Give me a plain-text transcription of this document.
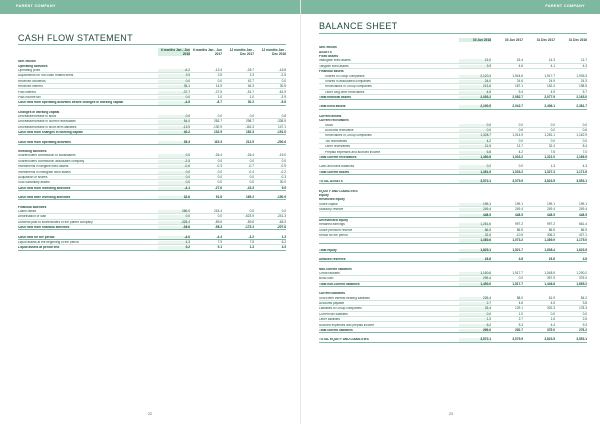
PARENT COMPANY
CASH FLOW STATEMENT
6 months Jan - Jun 2018
6 months Jan - Jun 2017
12 months Jan - Dec 2017
12 months Jan - Dec 2016
SEK million
Operating activities
Operating profit	-6.2	-13.4	-26.7	-16.8
Adjustments for non-cash related items	3.9	2.5	2.3	-2.5
Received dividends	0.0	0.0	42.7	0.0
Received interest	35.1	14.5	46.3	30.6
Paid interest	-37.7	-27.5	-51.7	-61.9
Paid income tax	0.0	1.0	1.0	-3.9
Cash flow from operating activities before changes in working capital	-4.9	-8.7	30.2	-9.6
Changes in working capital
Decrease/increase in stock	0.0	0.0	0.0	0.8
Decrease/increase in current receivables	54.0	263.7	298.7	-338.9
Decrease/increase in short-term liabilities	-13.9	-130.9	-116.3	147.1
Cash flow from changes in working capital	40.2	132.9	182.3	-191.0
Cash flow from operating activities	35.3	119.3	212.5	-200.6
Investing activities
Shareholders contribution to subsidiaries	0.0	-26.4	-26.4	-19.0
Shareholders contribution associated company	-2.5	0.0	0.0	0.0
Investments in tangible fixed assets	-0.6	-0.3	-0.7	-0.9
Investments in intangible fixed assets	0.0	0.0	-0.4	-0.2
Acquisition of shares	0.0	0.0	0.0	-0.3
Sold subsidiary assets	0.0	0.0	0.0	30.0
Cash flow from investing activities	-3.1	-27.6	-42.3	9.9
Cash flow after investing activities	32.6	91.8	169.2	-190.9
Financial activities
Loans raised	286.0	215.4	0.0	0.0
Amortisation of loan	0.0	0.0	-623.9	-241.3
Dividend paid to shareholders of the parent company	-328.4	-89.6	-89.6	-66.3
Cash flow from financial activities	-36.6	-98.3	-173.3	-207.6
Cash flow for the period	-4.0	-4.4	-3.2	1.3
Liquid assets at the beginning of the period	4.3	7.5	7.5	6.2
Liquid assets at period end	0.2	0.1	1.3	4.3
22
PARENT COMPANY
BALANCE SHEET
30 Jun 2018	30 Jun 2017	31 Dec 2017	31 Dec 2016
SEK million
ASSETS
Fixed assets
Intangible fixed assets	13.0	15.4	14.3	11.7
Tangible fixed assets	3.9	4.6	4.1	4.3
Financial assets
Shares in Group companies	2,120.3	1,944.6	1,917.7	1,935.3
Shares in associated companies	24.0	24.6	24.9	24.3
Receivables in Group companies	213.6	187.1	152.4	198.5
Other long-term receivables	4.5	5.4	4.9	5.7
Total financial assets	2,053.2	2,082.7	2,077.9	2,163.0
Total fixed assets	2,190.5	2,042.7	2,496.1	2,381.7
Current assets
Current receivables
Stock	0.0	0.0	0.0	0.0
Accounts receivable	0.0	0.6	0.0	0.6
Receivables in Group companies	1,328.7	1,014.9	1,281.1	1,162.9
Tax receivables	4.2	0.0	0.0	0.0
Other receivables	21.5	13.7	32.4	8.4
Prepaid expenses and accrued income	5.8	4.2	7.6	7.0
Total current receivables	1,380.8	1,033.2	1,321.0	1,166.9
Cash and bank balances	0.2	0.0	1.3	4.3
Total current assets	1,381.9	1,033.2	1,327.3	1,171.6
TOTAL ASSETS	3,572.1	3,075.9	3,823.5	3,553.1
EQUITY AND LIABILITIES
Equity
Restricted equity
Share capital	199.1	199.1	199.1	199.1
Statutory reserve	249.4	249.4	249.4	249.4
448.5	448.5	448.5	448.5
Unrestricted equity
Retained earnings	1,261.6	997.2	997.2	661.4
Share premium reserve	86.5	86.5	86.5	86.5
Result for the period	32.5	-10.5	306.2	427.1
1,380.6	1,073.2	1,389.9	1,175.0
Total equity	1,829.1	1,521.7	1,838.4	1,623.5
Untaxed reserves	23.6	4.8	23.6	4.8
Non-current liabilities
Credit facilities	1,150.6	1,517.7	1,048.9	1,290.2
Bond loan	299.4	0.0	397.9	375.0
Total non-current liabilities	1,450.0	1,517.7	1,446.8	1,665.2
Current liabilities
Short-term interest bearing liabilities	225.4	88.0	61.9	84.2
Accounts payable	2.7	4.6	4.5	3.8
Liabilities to Group companies	33.4	129.1	302.3	178.3
Current tax liabilities	0.0	1.0	0.0	0.0
Other liabilities	1.3	2.7	1.6	2.6
Accrued expenses and prepaid income	6.2	5.3	4.4	9.3
Total current liabilities	269.0	230.7	375.0	278.2
TOTAL EQUITY AND LIABILITIES	3,572.1	3,075.9	3,823.5	3,553.1
23
